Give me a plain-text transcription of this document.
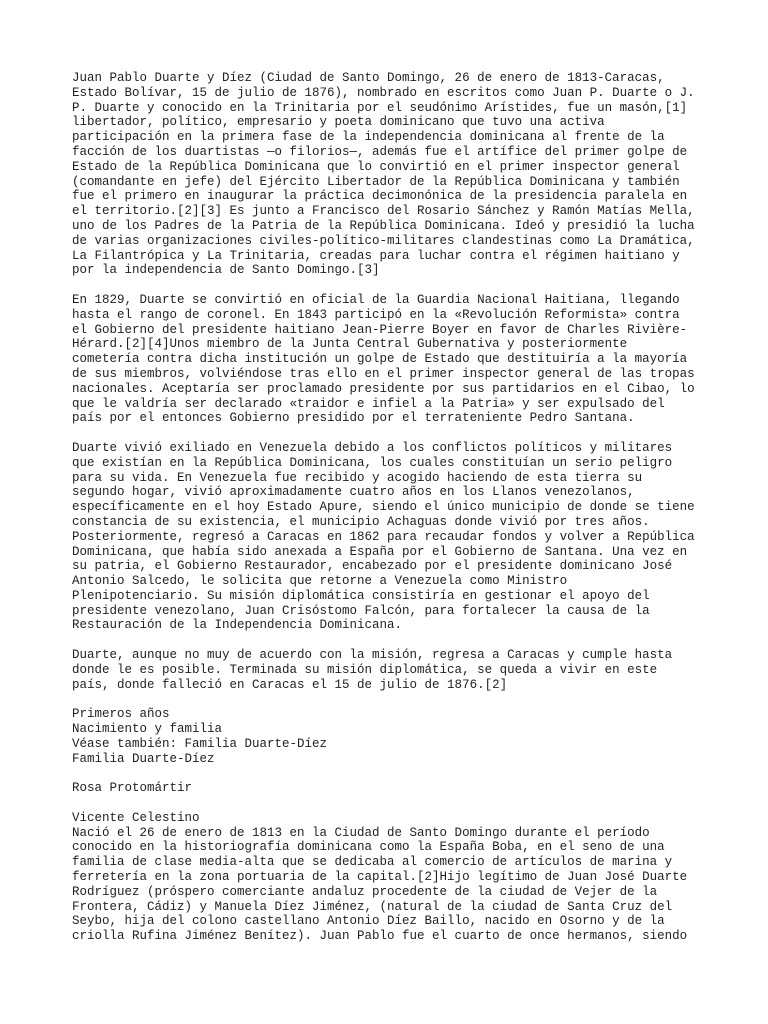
Juan Pablo Duarte y Díez (Ciudad de Santo Domingo, 26 de enero de 1813-Caracas,
Estado Bolívar, 15 de julio de 1876), nombrado en escritos como Juan P. Duarte o J.
P. Duarte y conocido en la Trinitaria por el seudónimo Arístides, fue un masón,[1]
libertador, político, empresario y poeta dominicano que tuvo una activa
participación en la primera fase de la independencia dominicana al frente de la
facción de los duartistas —o filorios—, además fue el artífice del primer golpe de
Estado de la República Dominicana que lo convirtió en el primer inspector general
(comandante en jefe) del Ejército Libertador de la República Dominicana y también
fue el primero en inaugurar la práctica decimonónica de la presidencia paralela en
el territorio.[2][3] Es junto a Francisco del Rosario Sánchez y Ramón Matías Mella,
uno de los Padres de la Patria de la República Dominicana. Ideó y presidió la lucha
de varias organizaciones civiles-político-militares clandestinas como La Dramática,
La Filantrópica y La Trinitaria, creadas para luchar contra el régimen haitiano y
por la independencia de Santo Domingo.[3]

En 1829, Duarte se convirtió en oficial de la Guardia Nacional Haitiana, llegando
hasta el rango de coronel. En 1843 participó en la «Revolución Reformista» contra
el Gobierno del presidente haitiano Jean-Pierre Boyer en favor de Charles Rivière-
Hérard.[2][4]Unos miembro de la Junta Central Gubernativa y posteriormente
cometería contra dicha institución un golpe de Estado que destituiría a la mayoría
de sus miembros, volviéndose tras ello en el primer inspector general de las tropas
nacionales. Aceptaría ser proclamado presidente por sus partidarios en el Cibao, lo
que le valdría ser declarado «traidor e infiel a la Patria» y ser expulsado del
país por el entonces Gobierno presidido por el terrateniente Pedro Santana.

Duarte vivió exiliado en Venezuela debido a los conflictos políticos y militares
que existían en la República Dominicana, los cuales constituían un serio peligro
para su vida. En Venezuela fue recibido y acogido haciendo de esta tierra su
segundo hogar, vivió aproximadamente cuatro años en los Llanos venezolanos,
específicamente en el hoy Estado Apure, siendo el único municipio de donde se tiene
constancia de su existencia, el municipio Achaguas donde vivió por tres años.
Posteriormente, regresó a Caracas en 1862 para recaudar fondos y volver a República
Dominicana, que había sido anexada a España por el Gobierno de Santana. Una vez en
su patria, el Gobierno Restaurador, encabezado por el presidente dominicano José
Antonio Salcedo, le solicita que retorne a Venezuela como Ministro
Plenipotenciario. Su misión diplomática consistiría en gestionar el apoyo del
presidente venezolano, Juan Crisóstomo Falcón, para fortalecer la causa de la
Restauración de la Independencia Dominicana.

Duarte, aunque no muy de acuerdo con la misión, regresa a Caracas y cumple hasta
donde le es posible. Terminada su misión diplomática, se queda a vivir en este
país, donde falleció en Caracas el 15 de julio de 1876.[2]

Primeros años
Nacimiento y familia
Véase también: Familia Duarte-Díez
Familia Duarte-Díez

Rosa Protomártir

Vicente Celestino
Nació el 26 de enero de 1813 en la Ciudad de Santo Domingo durante el período
conocido en la historiografía dominicana como la España Boba, en el seno de una
familia de clase media-alta que se dedicaba al comercio de artículos de marina y
ferretería en la zona portuaria de la capital.[2]Hijo legítimo de Juan José Duarte
Rodríguez (próspero comerciante andaluz procedente de la ciudad de Vejer de la
Frontera, Cádiz) y Manuela Díez Jiménez, (natural de la ciudad de Santa Cruz del
Seybo, hija del colono castellano Antonio Díez Baillo, nacido en Osorno y de la
criolla Rufina Jiménez Benítez). Juan Pablo fue el cuarto de once hermanos, siendo
